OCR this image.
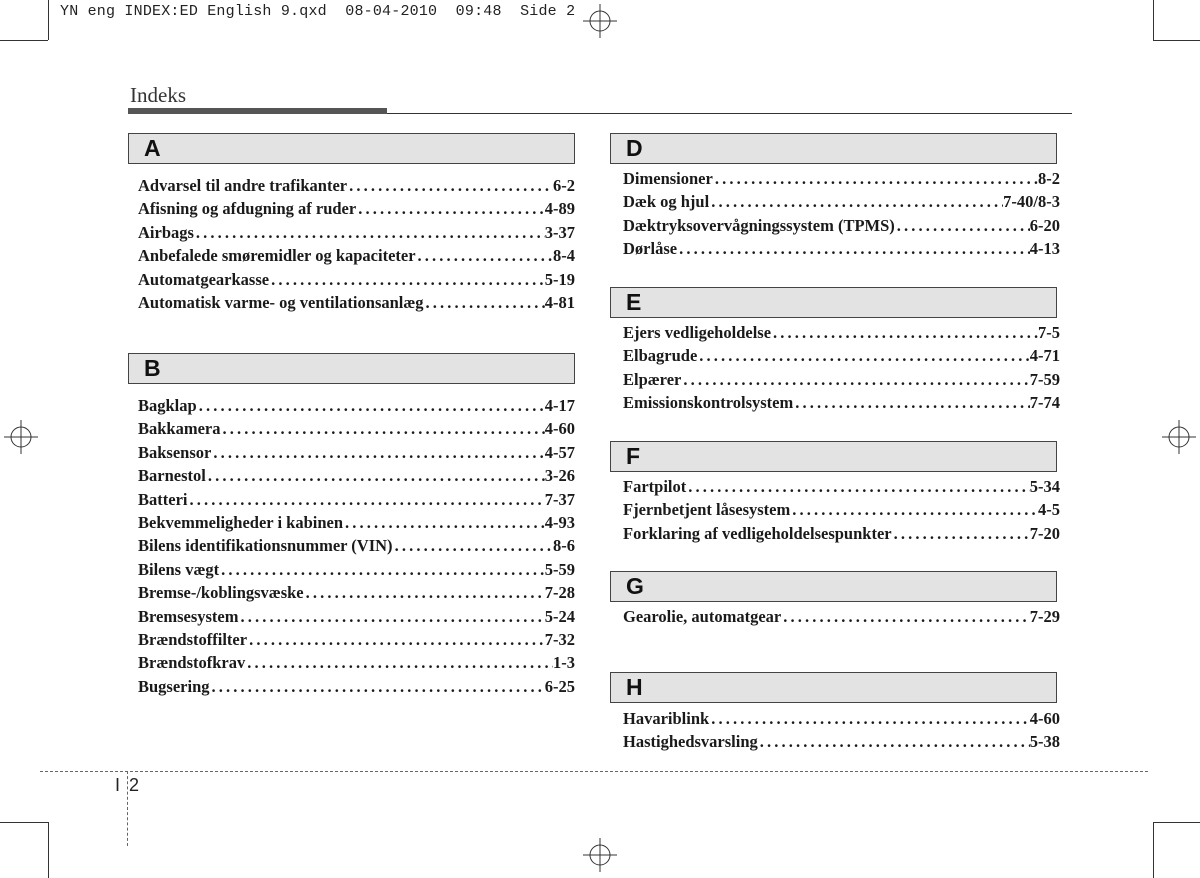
YN eng INDEX:ED English 9.qxd  08-04-2010  09:48  Side 2
Indeks
A
Advarsel til andre trafikanter . . .	6-2
Afisning og afdugning af ruder . . .	4-89
Airbags . . .	3-37
Anbefalede smøremidler og kapaciteter . . .	8-4
Automatgearkasse . . .	5-19
Automatisk varme- og ventilationsanlæg . . .	4-81
B
Bagklap . . .	4-17
Bakkamera . . .	4-60
Baksensor . . .	4-57
Barnestol . . .	3-26
Batteri . . .	7-37
Bekvemmeligheder i kabinen . . .	4-93
Bilens identifikationsnummer (VIN) . . .	8-6
Bilens vægt . . .	5-59
Bremse-/koblingsvæske . . .	7-28
Bremsesystem . . .	5-24
Brændstoffilter . . .	7-32
Brændstofkrav . . .	1-3
Bugsering . . .	6-25
D
Dimensioner . . .	8-2
Dæk og hjul . . .	7-40/8-3
Dæktryksovervågningssystem (TPMS) . . .	6-20
Dørlåse . . .	4-13
E
Ejers vedligeholdelse . . .	7-5
Elbagrude . . .	4-71
Elpærer . . .	7-59
Emissionskontrolsystem . . .	7-74
F
Fartpilot . . .	5-34
Fjernbetjent låsesystem . . .	4-5
Forklaring af vedligeholdelsespunkter . . .	7-20
G
Gearolie, automatgear . . .	7-29
H
Havariblink . . .	4-60
Hastighedsvarsling . . .	5-38
I 2
